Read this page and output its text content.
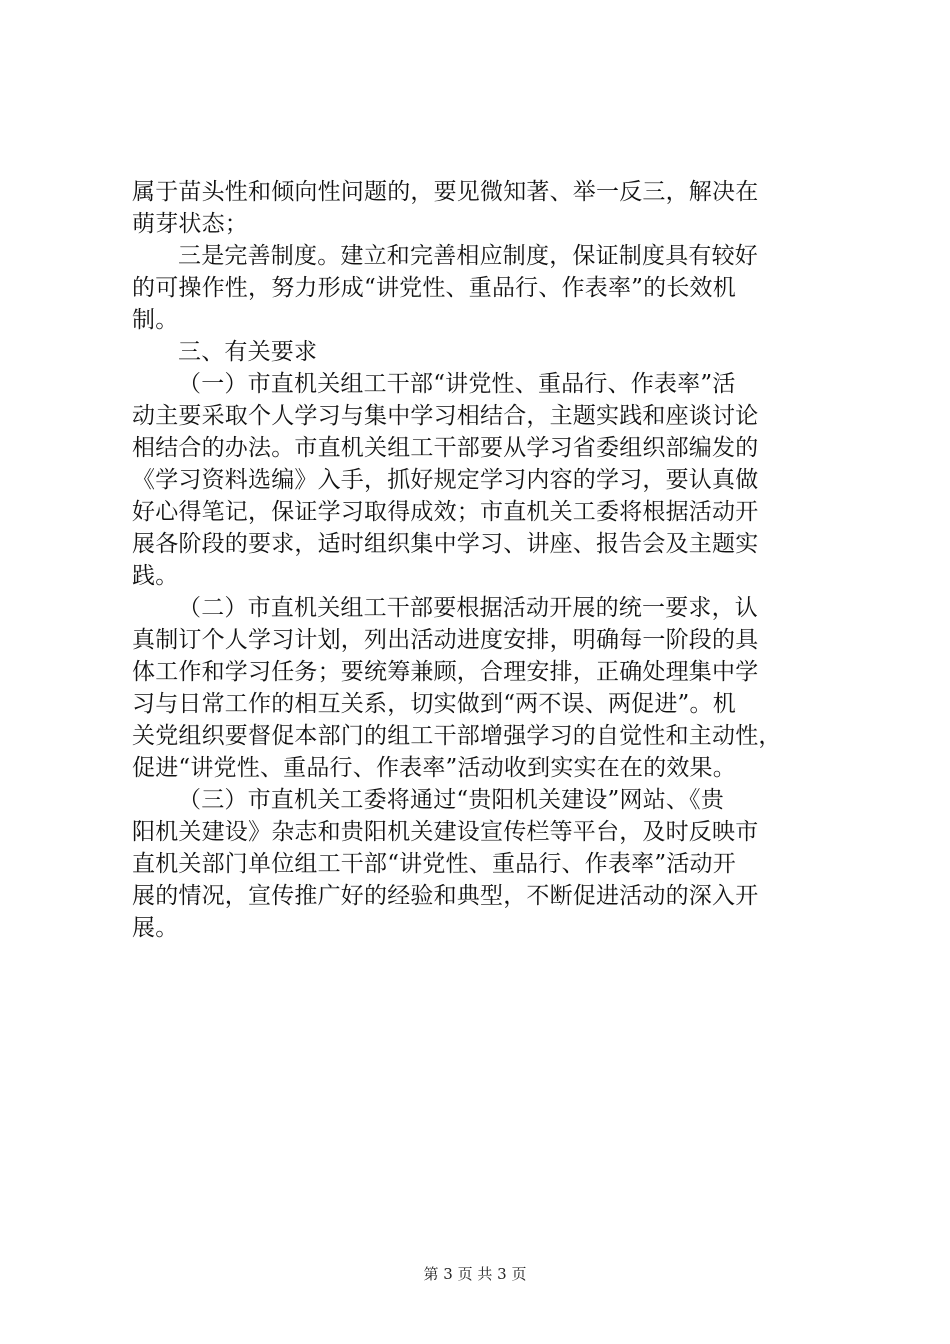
属于苗头性和倾向性问题的，要见微知著、举一反三，解决在
萌芽状态；
三是完善制度。建立和完善相应制度，保证制度具有较好
的可操作性，努力形成“讲党性、重品行、作表率”的长效机
制。
三、有关要求
（一）市直机关组工干部“讲党性、重品行、作表率”活
动主要采取个人学习与集中学习相结合，主题实践和座谈讨论
相结合的办法。市直机关组工干部要从学习省委组织部编发的
《学习资料选编》入手，抓好规定学习内容的学习，要认真做
好心得笔记，保证学习取得成效；市直机关工委将根据活动开
展各阶段的要求，适时组织集中学习、讲座、报告会及主题实
践。
（二）市直机关组工干部要根据活动开展的统一要求，认
真制订个人学习计划，列出活动进度安排，明确每一阶段的具
体工作和学习任务；要统筹兼顾，合理安排，正确处理集中学
习与日常工作的相互关系，切实做到“两不误、两促进”。机
关党组织要督促本部门的组工干部增强学习的自觉性和主动性，
促进“讲党性、重品行、作表率”活动收到实实在在的效果。
（三）市直机关工委将通过“贵阳机关建设”网站、《贵
阳机关建设》杂志和贵阳机关建设宣传栏等平台，及时反映市
直机关部门单位组工干部“讲党性、重品行、作表率”活动开
展的情况，宣传推广好的经验和典型，不断促进活动的深入开
展。
第 3 页 共 3 页
